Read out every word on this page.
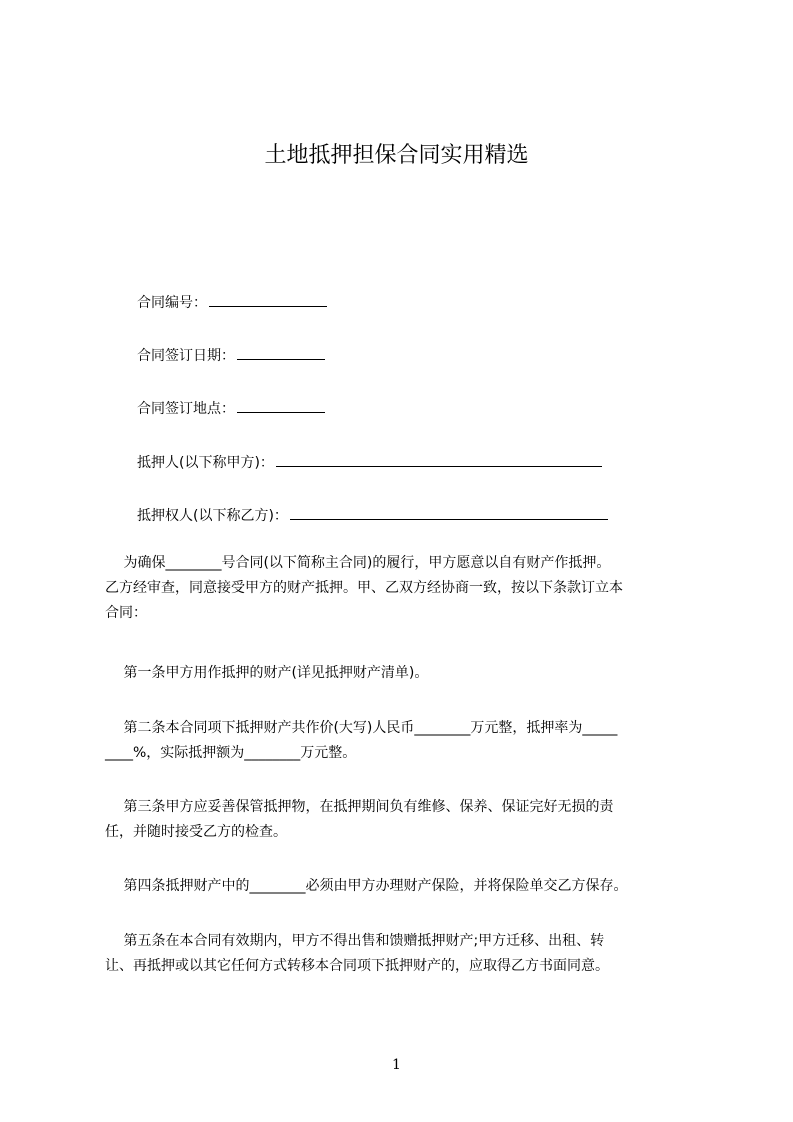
土地抵押担保合同实用精选
合同编号：
合同签订日期：
合同签订地点：
抵押人(以下称甲方)：
抵押权人(以下称乙方)：
　 为确保________号合同(以下简称主合同)的履行，甲方愿意以自有财产作抵押。
乙方经审查，同意接受甲方的财产抵押。甲、乙双方经协商一致，按以下条款订立本
合同：
　 第一条甲方用作抵押的财产(详见抵押财产清单)。
　 第二条本合同项下抵押财产共作价(大写)人民币________万元整，抵押率为_____
____%，实际抵押额为________万元整。
　 第三条甲方应妥善保管抵押物，在抵押期间负有维修、保养、保证完好无损的责
任，并随时接受乙方的检查。
　 第四条抵押财产中的________必须由甲方办理财产保险，并将保险单交乙方保存。
　 第五条在本合同有效期内，甲方不得出售和馈赠抵押财产;甲方迁移、出租、转
让、再抵押或以其它任何方式转移本合同项下抵押财产的，应取得乙方书面同意。
1
